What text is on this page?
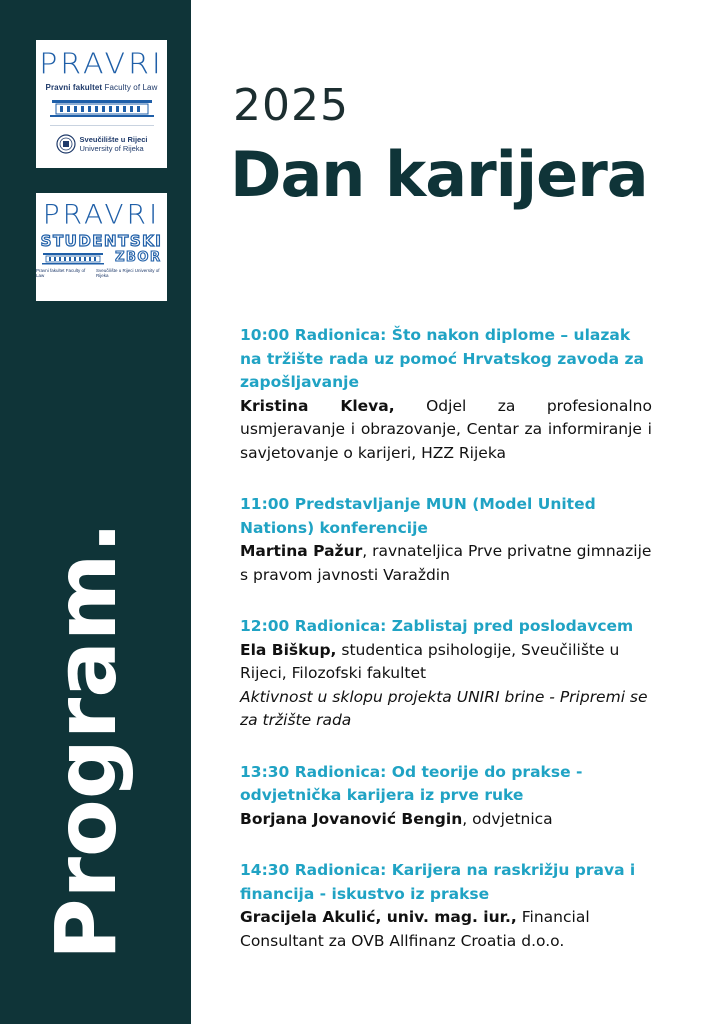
PRAVRI
Pravni fakultet Faculty of Law
Sveučilište u Rijeci
University of Rijeka
PRAVRI
STUDENTSKI
ZBOR
Pravni fakultet Faculty of Law
Sveučilište u Rijeci University of Rijeka
Program.
2025
Dan karijera
10:00 Radionica: Što nakon diplome – ulazak na tržište rada uz pomoć Hrvatskog zavoda za zapošljavanje
Kristina Kleva, Odjel za profesionalno usmjeravanje i obrazovanje, Centar za informiranje i savjetovanje o karijeri, HZZ Rijeka
11:00 Predstavljanje MUN (Model United Nations) konferencije
Martina Pažur, ravnateljica Prve privatne gimnazije s pravom javnosti Varaždin
12:00 Radionica: Zablistaj pred poslodavcem
Ela Biškup, studentica psihologije, Sveučilište u Rijeci, Filozofski fakultet
Aktivnost u sklopu projekta UNIRI brine - Pripremi se za tržište rada
13:30 Radionica: Od teorije do prakse - odvjetnička karijera iz prve ruke
Borjana Jovanović Bengin, odvjetnica
14:30 Radionica: Karijera na raskrižju prava i financija - iskustvo iz prakse
Gracijela Akulić, univ. mag. iur., Financial Consultant za OVB Allfinanz Croatia d.o.o.
